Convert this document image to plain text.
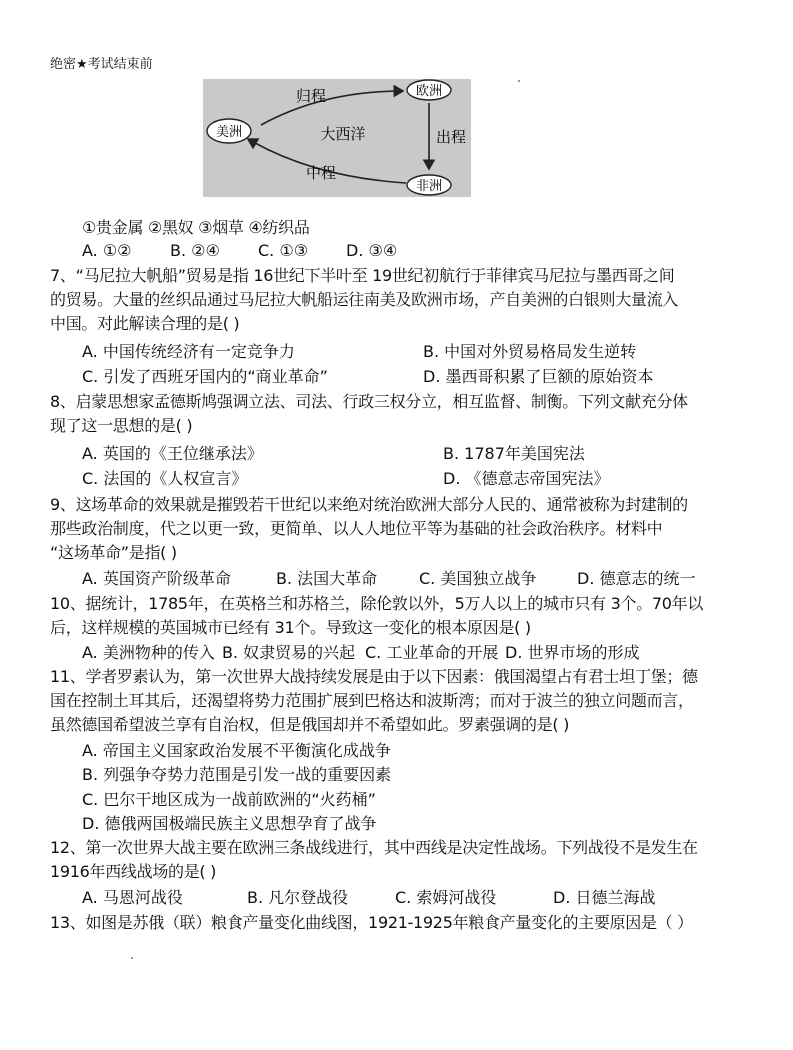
绝密★考试结束前
美洲
欧洲
非洲
大西洋
归程
出程
中程
①贵金属 ②黑奴 ③烟草 ④纺织品
A. ①② B. ②④ C. ①③ D. ③④
7、“马尼拉大帆船”贸易是指 16世纪下半叶至 19世纪初航行于菲律宾马尼拉与墨西哥之间
的贸易。大量的丝织品通过马尼拉大帆船运往南美及欧洲市场，产自美洲的白银则大量流入
中国。对此解读合理的是( )
A. 中国传统经济有一定竞争力	B. 中国对外贸易格局发生逆转
C. 引发了西班牙国内的“商业革命”	D. 墨西哥积累了巨额的原始资本
8、启蒙思想家孟德斯鸠强调立法、司法、行政三权分立，相互监督、制衡。下列文献充分体
现了这一思想的是( )
A. 英国的《王位继承法》	B. 1787年美国宪法
C. 法国的《人权宣言》	D. 《德意志帝国宪法》
9、这场革命的效果就是摧毁若干世纪以来绝对统治欧洲大部分人民的、通常被称为封建制的
那些政治制度，代之以更一致，更简单、以人人地位平等为基础的社会政治秩序。材料中
“这场革命”是指( )
A. 英国资产阶级革命	B. 法国大革命	C. 美国独立战争	D. 德意志的统一
10、据统计，1785年，在英格兰和苏格兰，除伦敦以外，5万人以上的城市只有 3个。70年以
后，这样规模的英国城市已经有 31个。导致这一变化的根本原因是( )
A. 美洲物种的传入 B. 奴隶贸易的兴起 C. 工业革命的开展 D. 世界市场的形成
11、学者罗素认为，第一次世界大战持续发展是由于以下因素：俄国渴望占有君士坦丁堡；德
国在控制土耳其后，还渴望将势力范围扩展到巴格达和波斯湾；而对于波兰的独立问题而言，
虽然德国希望波兰享有自治权，但是俄国却并不希望如此。罗素强调的是( )
A. 帝国主义国家政治发展不平衡演化成战争
B. 列强争夺势力范围是引发一战的重要因素
C. 巴尔干地区成为一战前欧洲的“火药桶”
D. 德俄两国极端民族主义思想孕育了战争
12、第一次世界大战主要在欧洲三条战线进行，其中西线是决定性战场。下列战役不是发生在
1916年西线战场的是( )
A. 马恩河战役	B. 凡尔登战役	C. 索姆河战役	D. 日德兰海战
13、如图是苏俄（联）粮食产量变化曲线图，1921-1925年粮食产量变化的主要原因是（ ）
